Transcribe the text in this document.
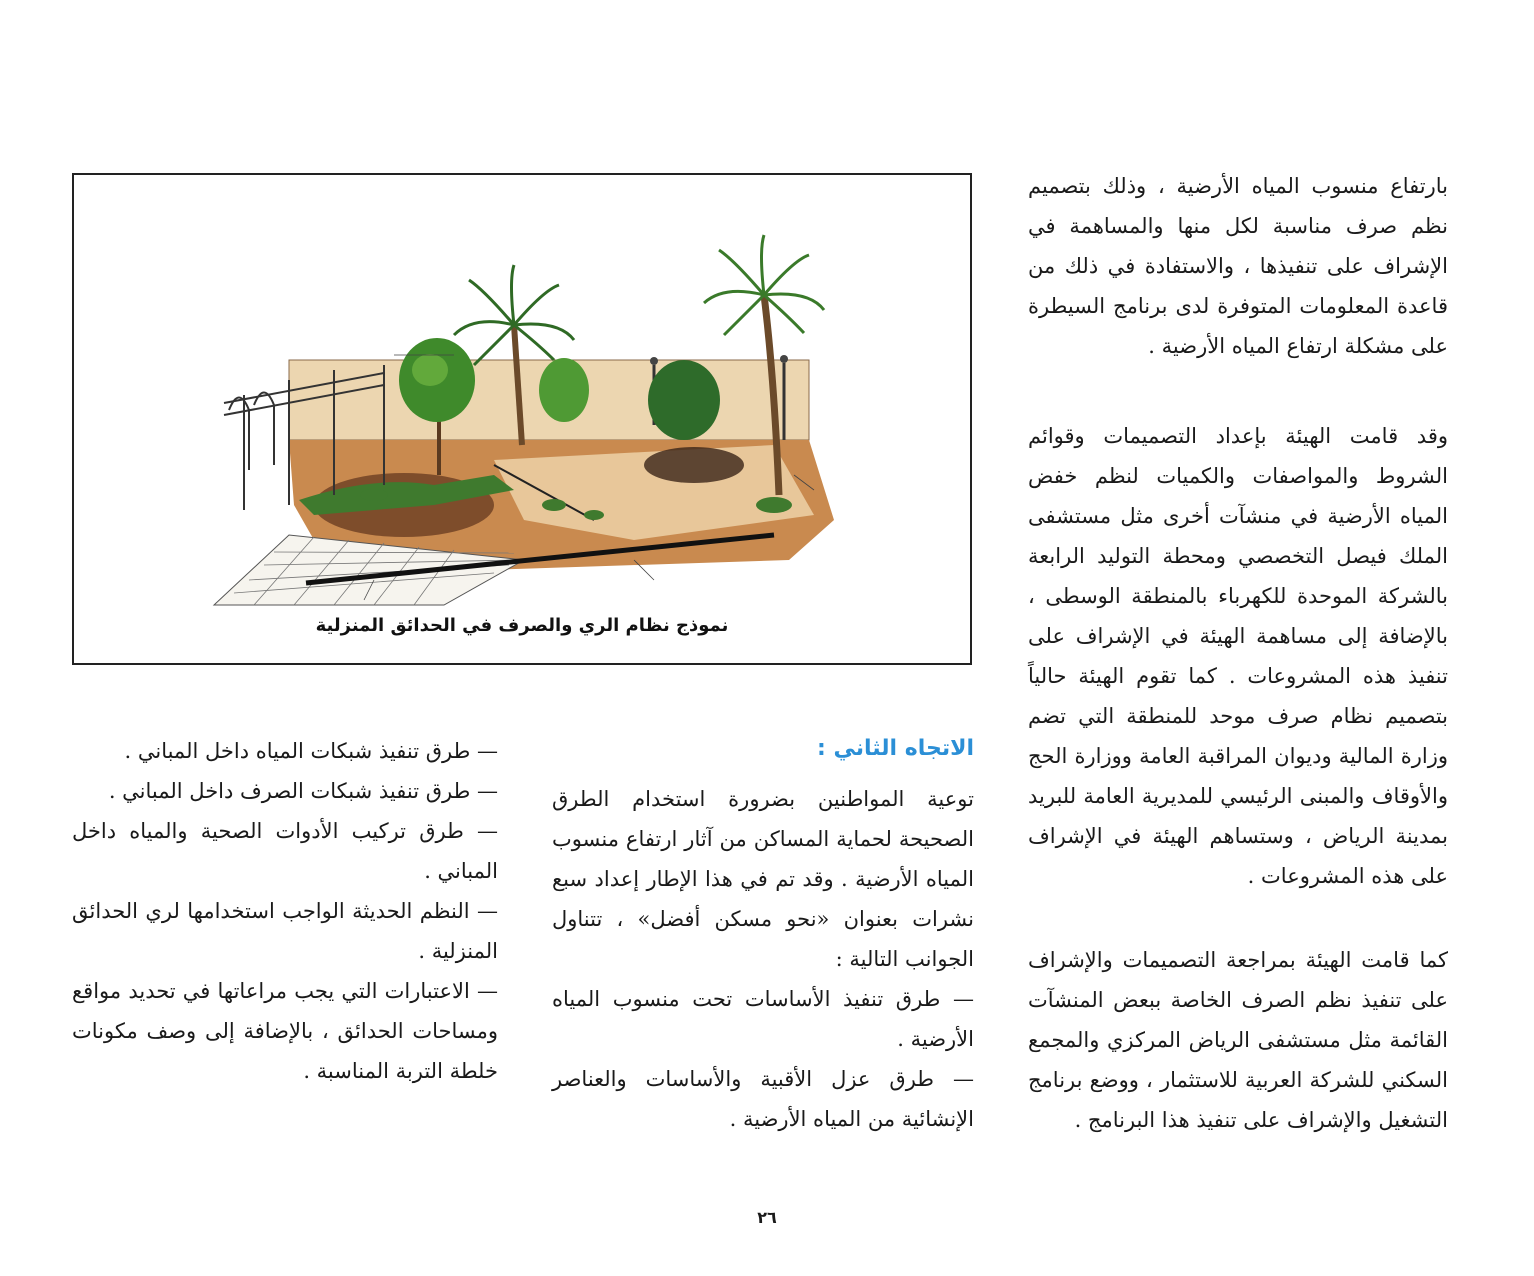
بارتفاع منسوب المياه الأرضية ، وذلك بتصميم نظم صرف مناسبة لكل منها والمساهمة في الإشراف على تنفيذها ، والاستفادة في ذلك من قاعدة المعلومات المتوفرة لدى برنامج السيطرة على مشكلة ارتفاع المياه الأرضية .

وقد قامت الهيئة بإعداد التصميمات وقوائم الشروط والمواصفات والكميات لنظم خفض المياه الأرضية في منشآت أخرى مثل مستشفى الملك فيصل التخصصي ومحطة التوليد الرابعة بالشركة الموحدة للكهرباء بالمنطقة الوسطى ، بالإضافة إلى مساهمة الهيئة في الإشراف على تنفيذ هذه المشروعات . كما تقوم الهيئة حالياً بتصميم نظام صرف موحد للمنطقة التي تضم وزارة المالية وديوان المراقبة العامة ووزارة الحج والأوقاف والمبنى الرئيسي للمديرية العامة للبريد بمدينة الرياض ، وستساهم الهيئة في الإشراف على هذه المشروعات .

كما قامت الهيئة بمراجعة التصميمات والإشراف على تنفيذ نظم الصرف الخاصة ببعض المنشآت القائمة مثل مستشفى الرياض المركزي والمجمع السكني للشركة العربية للاستثمار ، ووضع برنامج التشغيل والإشراف على تنفيذ هذا البرنامج .

نموذج نظام الري والصرف في الحدائق المنزلية
الاتجاه الثاني :

توعية المواطنين بضرورة استخدام الطرق الصحيحة لحماية المساكن من آثار ارتفاع منسوب المياه الأرضية . وقد تم في هذا الإطار إعداد سبع نشرات بعنوان «نحو مسكن أفضل» ، تتناول الجوانب التالية :

— طرق تنفيذ الأساسات تحت منسوب المياه الأرضية .

— طرق عزل الأقبية والأساسات والعناصر الإنشائية من المياه الأرضية .

— طرق تنفيذ شبكات المياه داخل المباني .

— طرق تنفيذ شبكات الصرف داخل المباني .

— طرق تركيب الأدوات الصحية والمياه داخل المباني .

— النظم الحديثة الواجب استخدامها لري الحدائق المنزلية .

— الاعتبارات التي يجب مراعاتها في تحديد مواقع ومساحات الحدائق ، بالإضافة إلى وصف مكونات خلطة التربة المناسبة .

٢٦
